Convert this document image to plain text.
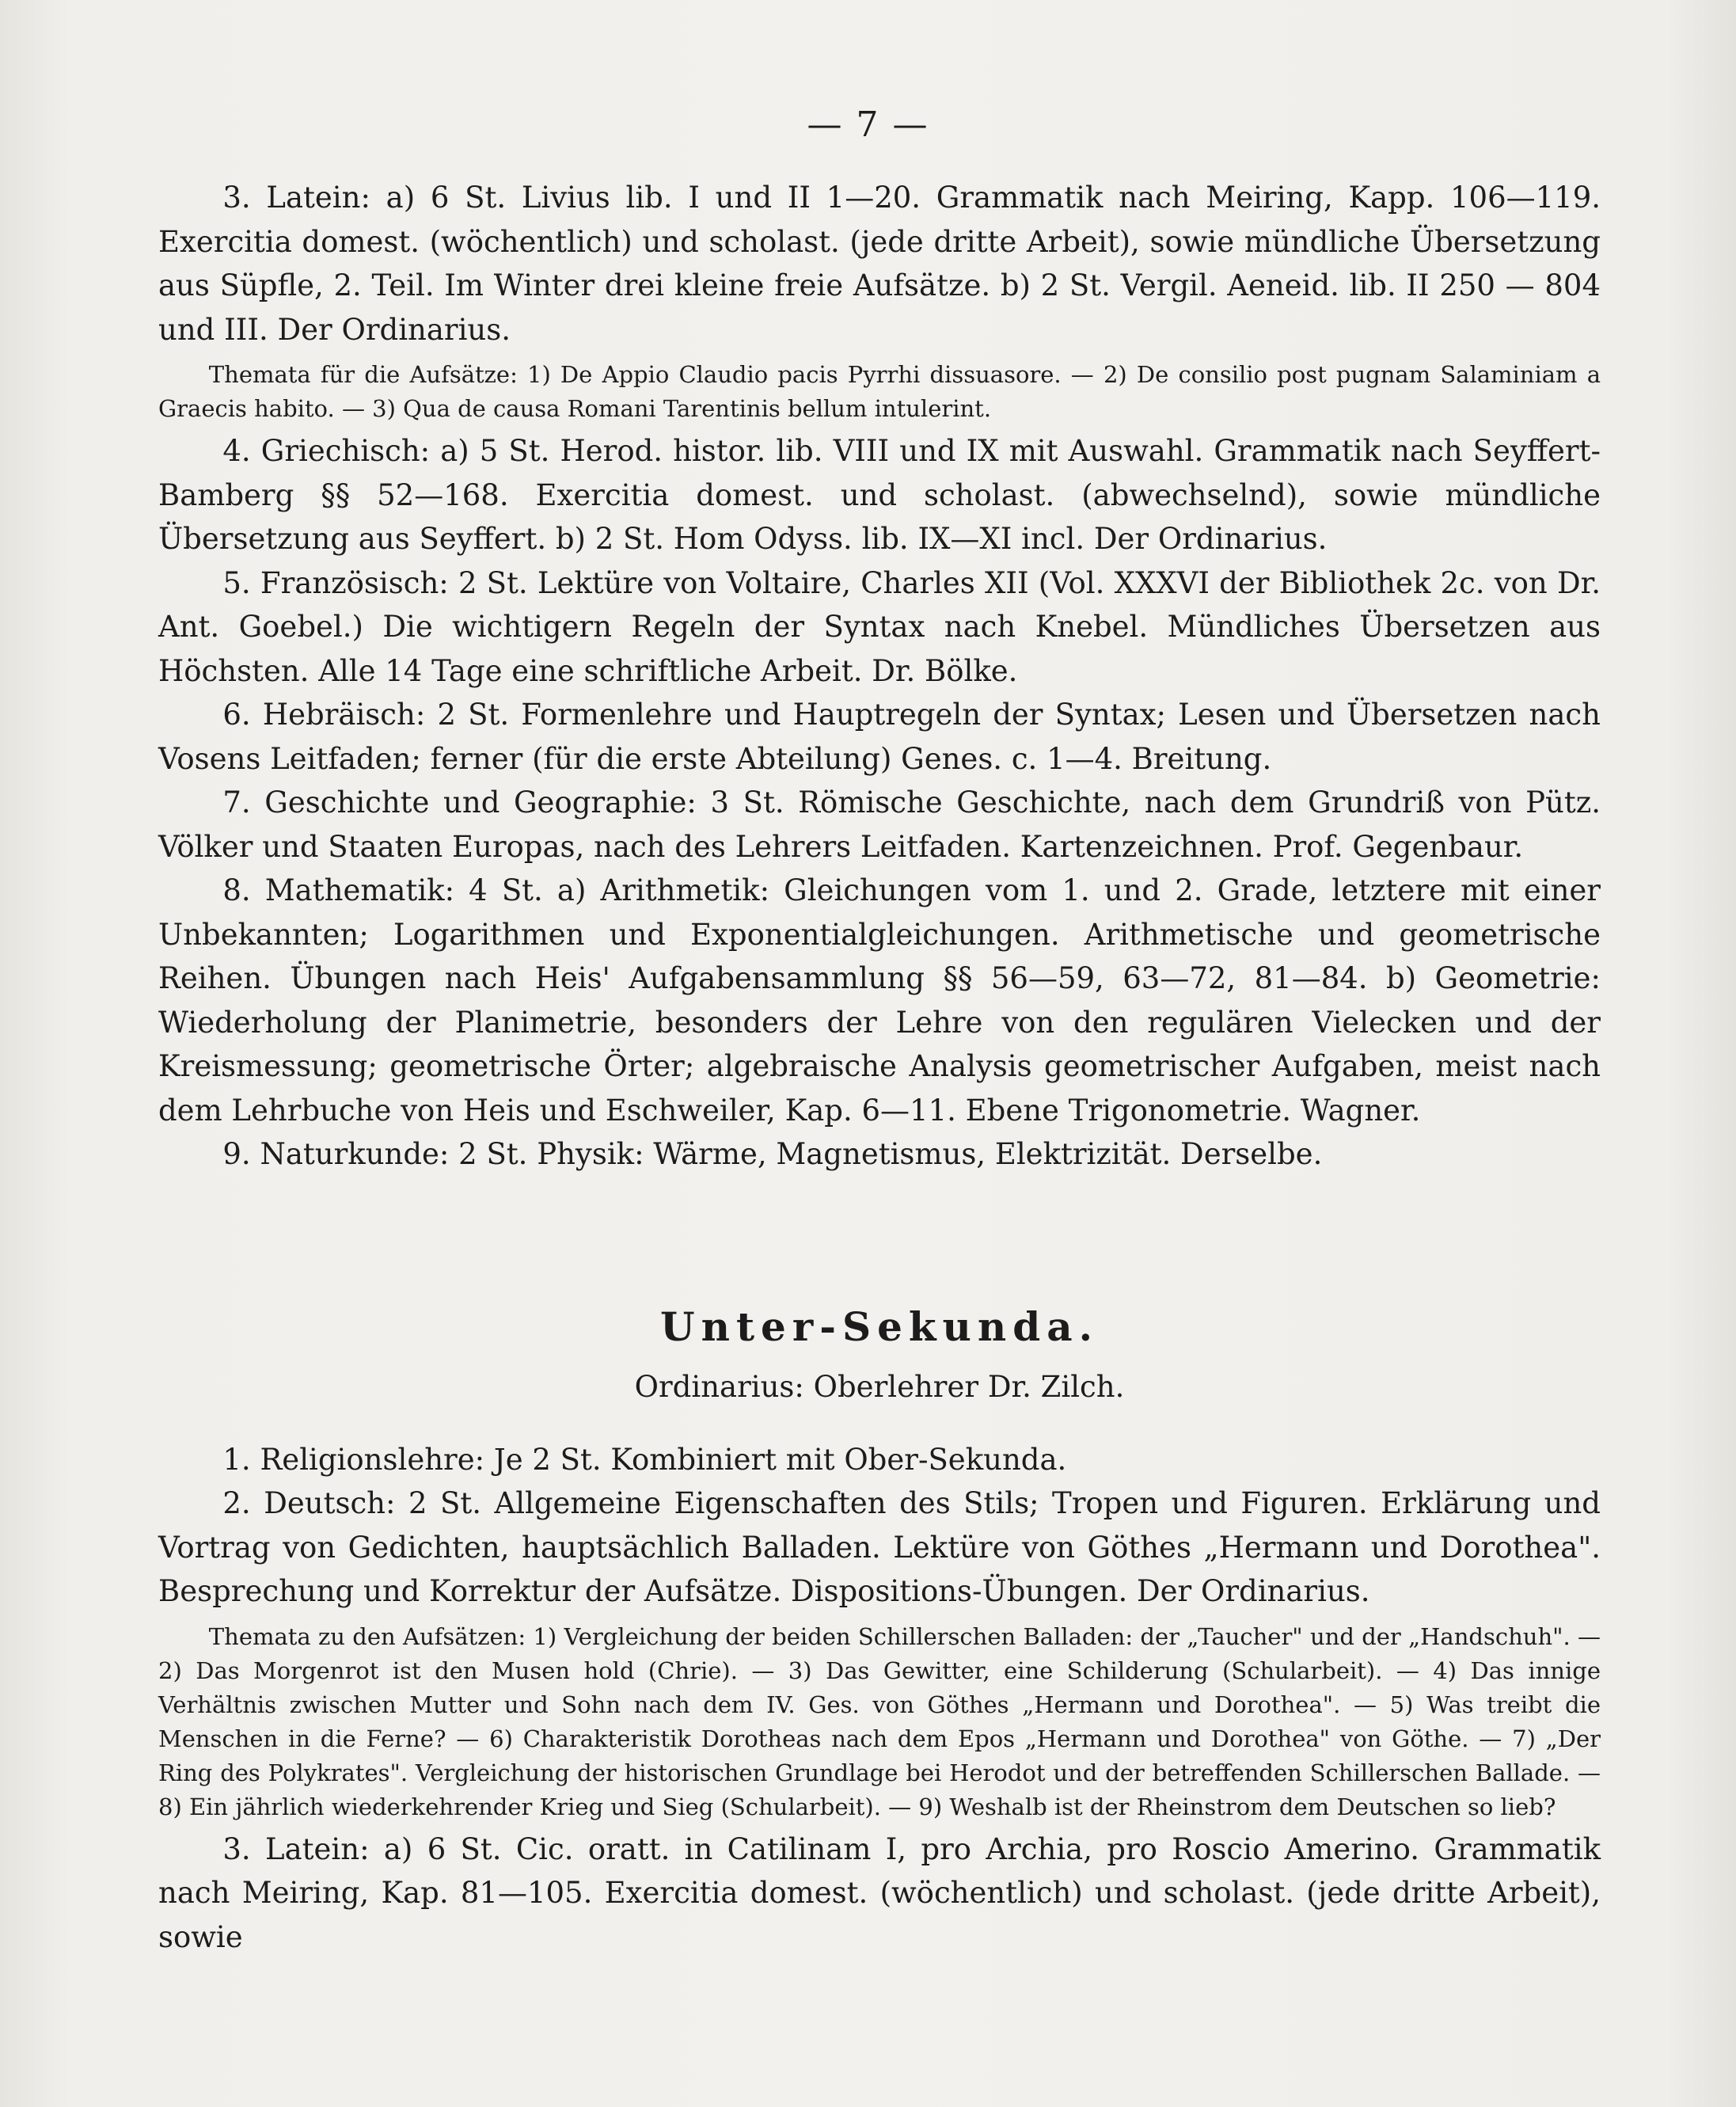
— 7 —

3. Latein: a) 6 St. Livius lib. I und II 1—20. Grammatik nach Meiring, Kapp. 106—119. Exercitia domest. (wöchentlich) und scholast. (jede dritte Arbeit), sowie mündliche Übersetzung aus Süpfle, 2. Teil. Im Winter drei kleine freie Aufsätze. b) 2 St. Vergil. Aeneid. lib. II 250 — 804 und III. Der Ordinarius.

Themata für die Aufsätze: 1) De Appio Claudio pacis Pyrrhi dissuasore. — 2) De consilio post pugnam Salaminiam a Graecis habito. — 3) Qua de causa Romani Tarentinis bellum intulerint.

4. Griechisch: a) 5 St. Herod. histor. lib. VIII und IX mit Auswahl. Grammatik nach Seyffert-Bamberg §§ 52—168. Exercitia domest. und scholast. (abwechselnd), sowie mündliche Übersetzung aus Seyffert. b) 2 St. Hom Odyss. lib. IX—XI incl. Der Ordinarius.

5. Französisch: 2 St. Lektüre von Voltaire, Charles XII (Vol. XXXVI der Bibliothek 2c. von Dr. Ant. Goebel.) Die wichtigern Regeln der Syntax nach Knebel. Mündliches Übersetzen aus Höchsten. Alle 14 Tage eine schriftliche Arbeit. Dr. Bölke.

6. Hebräisch: 2 St. Formenlehre und Hauptregeln der Syntax; Lesen und Übersetzen nach Vosens Leitfaden; ferner (für die erste Abteilung) Genes. c. 1—4. Breitung.

7. Geschichte und Geographie: 3 St. Römische Geschichte, nach dem Grundriß von Pütz. Völker und Staaten Europas, nach des Lehrers Leitfaden. Kartenzeichnen. Prof. Gegenbaur.

8. Mathematik: 4 St. a) Arithmetik: Gleichungen vom 1. und 2. Grade, letztere mit einer Unbekannten; Logarithmen und Exponentialgleichungen. Arithmetische und geometrische Reihen. Übungen nach Heis' Aufgabensammlung §§ 56—59, 63—72, 81—84. b) Geometrie: Wiederholung der Planimetrie, besonders der Lehre von den regulären Vielecken und der Kreismessung; geometrische Örter; algebraische Analysis geometrischer Aufgaben, meist nach dem Lehrbuche von Heis und Eschweiler, Kap. 6—11. Ebene Trigonometrie. Wagner.

9. Naturkunde: 2 St. Physik: Wärme, Magnetismus, Elektrizität. Derselbe.

Unter-Sekunda.
Ordinarius: Oberlehrer Dr. Zilch.

1. Religionslehre: Je 2 St. Kombiniert mit Ober-Sekunda.

2. Deutsch: 2 St. Allgemeine Eigenschaften des Stils; Tropen und Figuren. Erklärung und Vortrag von Gedichten, hauptsächlich Balladen. Lektüre von Göthes „Hermann und Dorothea". Besprechung und Korrektur der Aufsätze. Dispositions-Übungen. Der Ordinarius.

Themata zu den Aufsätzen: 1) Vergleichung der beiden Schillerschen Balladen: der „Taucher" und der „Handschuh". — 2) Das Morgenrot ist den Musen hold (Chrie). — 3) Das Gewitter, eine Schilderung (Schularbeit). — 4) Das innige Verhältnis zwischen Mutter und Sohn nach dem IV. Ges. von Göthes „Hermann und Dorothea". — 5) Was treibt die Menschen in die Ferne? — 6) Charakteristik Dorotheas nach dem Epos „Hermann und Dorothea" von Göthe. — 7) „Der Ring des Polykrates". Vergleichung der historischen Grundlage bei Herodot und der betreffenden Schillerschen Ballade. — 8) Ein jährlich wiederkehrender Krieg und Sieg (Schularbeit). — 9) Weshalb ist der Rheinstrom dem Deutschen so lieb?

3. Latein: a) 6 St. Cic. oratt. in Catilinam I, pro Archia, pro Roscio Amerino. Grammatik nach Meiring, Kap. 81—105. Exercitia domest. (wöchentlich) und scholast. (jede dritte Arbeit), sowie
